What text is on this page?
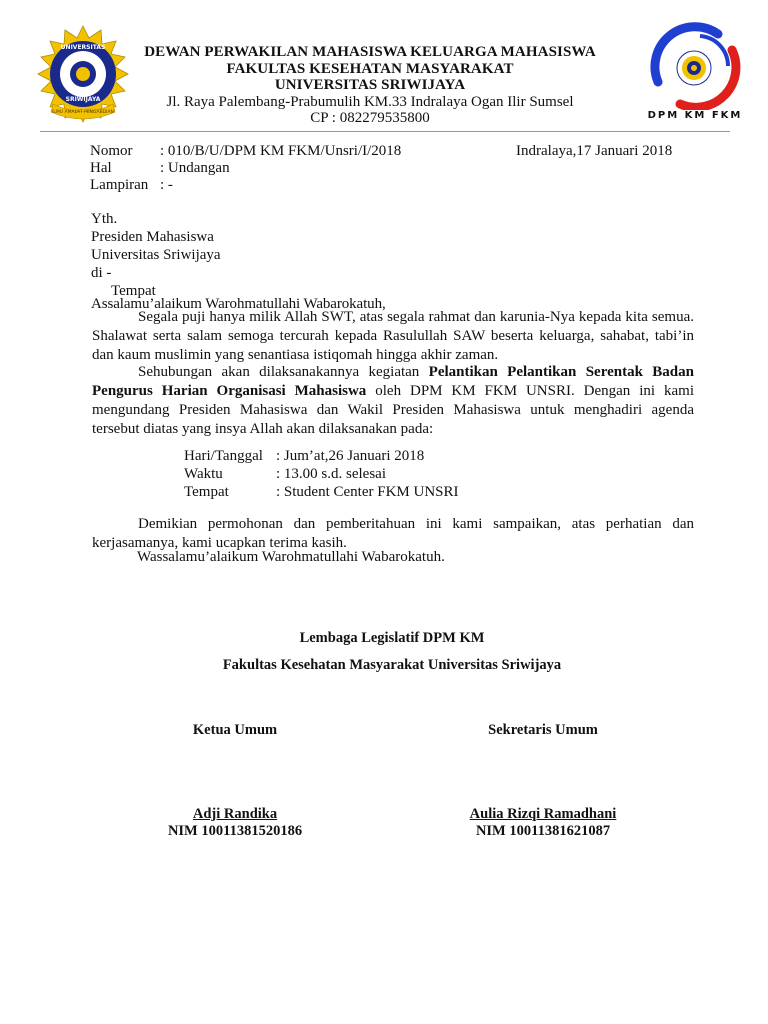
UNIVERSITAS
SRIWIJAYA
ILMU AMALAT PENGABDIAN
DEWAN PERWAKILAN MAHASISWA KELUARGA MAHASISWA
FAKULTAS KESEHATAN MASYARAKAT
UNIVERSITAS SRIWIJAYA
Jl. Raya Palembang-Prabumulih KM.33 Indralaya Ogan Ilir Sumsel
CP : 082279535800	DPM KM FKM
Nomor	: 010/B/U/DPM KM FKM/Unsri/I/2018
Hal	: Undangan
Lampiran	: -
Indralaya,17 Januari 2018
Yth.
Presiden Mahasiswa
Universitas Sriwijaya
di -
Tempat
Assalamu’alaikum Warohmatullahi Wabarokatuh,
Segala puji hanya milik Allah SWT, atas segala rahmat dan karunia-Nya kepada kita semua. Shalawat serta salam semoga tercurah kepada Rasulullah SAW beserta keluarga, sahabat, tabi’in dan kaum muslimin yang senantiasa istiqomah hingga akhir zaman.
Sehubungan akan dilaksanakannya kegiatan Pelantikan Pelantikan Serentak Badan Pengurus Harian Organisasi Mahasiswa oleh DPM KM FKM UNSRI. Dengan ini kami mengundang Presiden Mahasiswa dan Wakil Presiden Mahasiswa untuk menghadiri agenda tersebut diatas yang insya Allah akan dilaksanakan pada:
Hari/Tanggal	: Jum’at,26 Januari 2018
Waktu	: 13.00 s.d. selesai
Tempat	: Student Center FKM UNSRI
Demikian permohonan dan pemberitahuan ini kami sampaikan, atas perhatian dan kerjasamanya, kami ucapkan terima kasih.
Wassalamu’alaikum Warohmatullahi Wabarokatuh.
Lembaga Legislatif DPM KM
Fakultas Kesehatan Masyarakat Universitas Sriwijaya
Ketua Umum	Sekretaris Umum
Adji Randika
NIM 10011381520186
Aulia Rizqi Ramadhani
NIM 10011381621087
